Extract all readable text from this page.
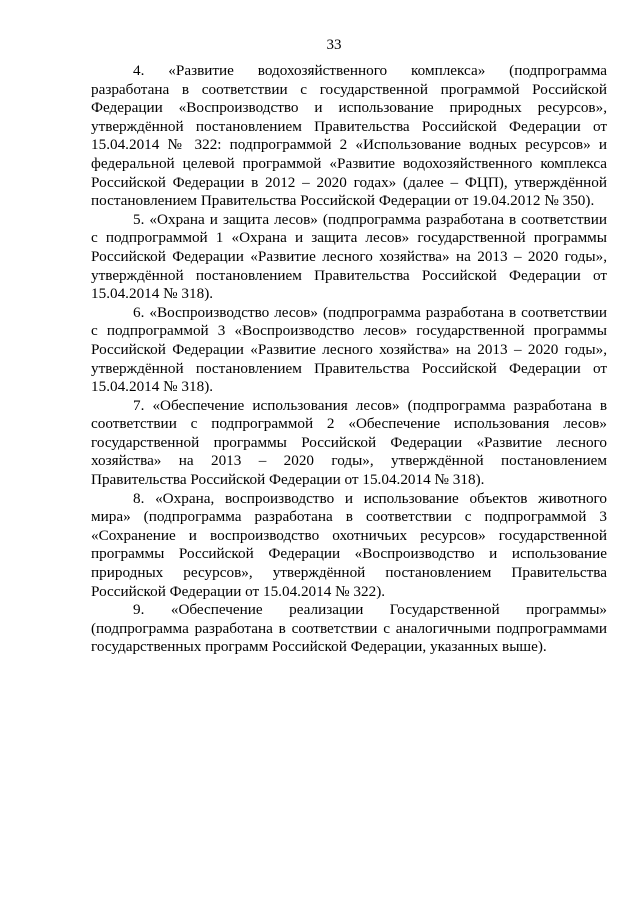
33

4. «Развитие водохозяйственного комплекса» (подпрограмма разработана в соответствии с государственной программой Российской Федерации «Воспроизводство и использование природных ресурсов», утверждённой постановлением Правительства Российской Федерации от 15.04.2014 № 322: подпрограммой 2 «Использование водных ресурсов» и федеральной целевой программой «Развитие водохозяйственного комплекса Российской Федерации в 2012 – 2020 годах» (далее – ФЦП), утверждённой постановлением Правительства Российской Федерации от 19.04.2012 № 350).

5. «Охрана и защита лесов» (подпрограмма разработана в соответствии с подпрограммой 1 «Охрана и защита лесов» государственной программы Российской Федерации «Развитие лесного хозяйства» на 2013 – 2020 годы», утверждённой постановлением Правительства Российской Федерации от 15.04.2014 № 318).

6. «Воспроизводство лесов» (подпрограмма разработана в соответствии с подпрограммой 3 «Воспроизводство лесов» государственной программы Российской Федерации «Развитие лесного хозяйства» на 2013 – 2020 годы», утверждённой постановлением Правительства Российской Федерации от 15.04.2014 № 318).

7. «Обеспечение использования лесов» (подпрограмма разработана в соответствии с подпрограммой 2 «Обеспечение использования лесов» государственной программы Российской Федерации «Развитие лесного хозяйства» на 2013 – 2020 годы», утверждённой постановлением Правительства Российской Федерации от 15.04.2014 № 318).

8. «Охрана, воспроизводство и использование объектов животного мира» (подпрограмма разработана в соответствии с подпрограммой 3 «Сохранение и воспроизводство охотничьих ресурсов» государственной программы Российской Федерации «Воспроизводство и использование природных ресурсов», утверждённой постановлением Правительства Российской Федерации от 15.04.2014 № 322).

9. «Обеспечение реализации Государственной программы» (подпрограмма разработана в соответствии с аналогичными подпрограммами государственных программ Российской Федерации, указанных выше).
